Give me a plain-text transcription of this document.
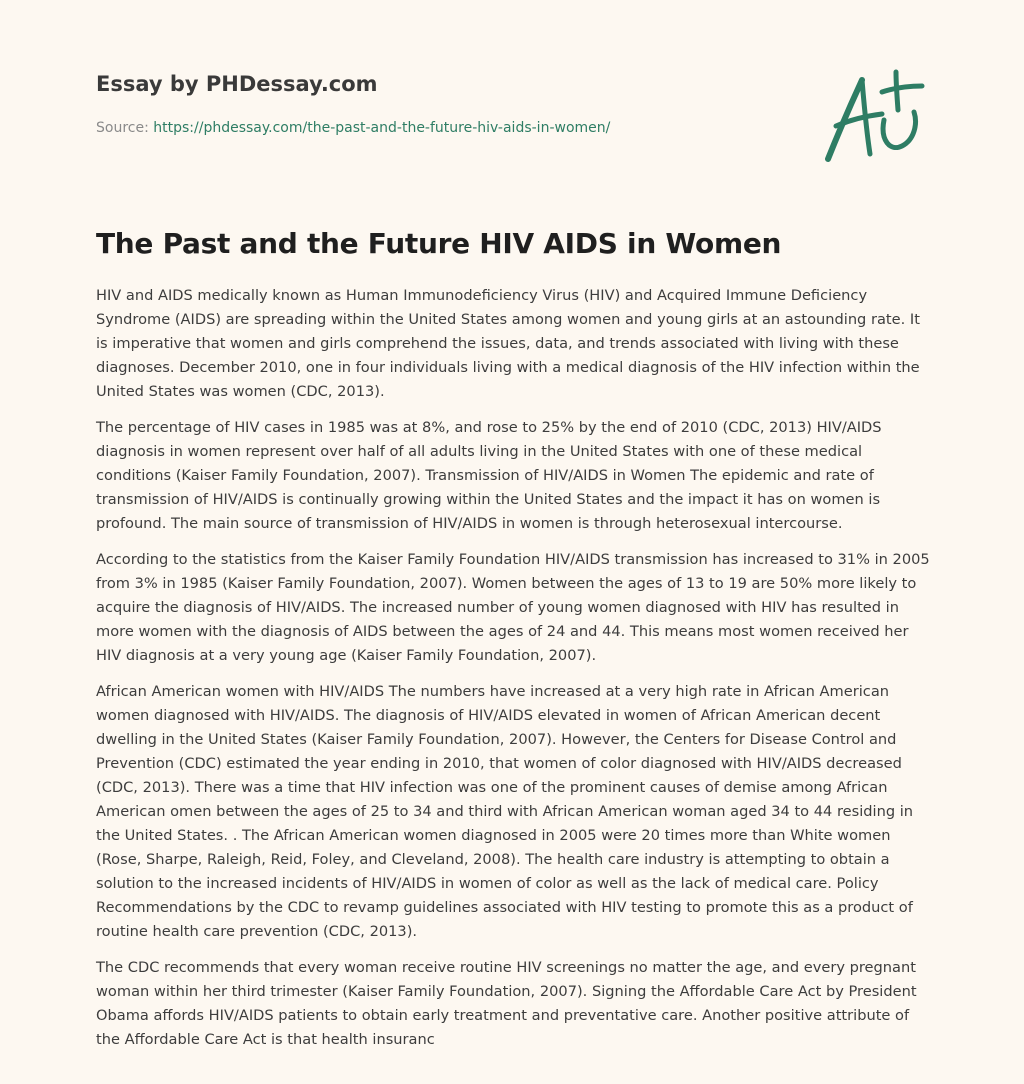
Essay by PHDessay.com
Source: https://phdessay.com/the-past-and-the-future-hiv-aids-in-women/
The Past and the Future HIV AIDS in Women

HIV and AIDS medically known as Human Immunodeficiency Virus (HIV) and Acquired Immune Deficiency Syndrome (AIDS) are spreading within the United States among women and young girls at an astounding rate. It is imperative that women and girls comprehend the issues, data, and trends associated with living with these diagnoses. December 2010, one in four individuals living with a medical diagnosis of the HIV infection within the United States was women (CDC, 2013).

The percentage of HIV cases in 1985 was at 8%, and rose to 25% by the end of 2010 (CDC, 2013) HIV/AIDS diagnosis in women represent over half of all adults living in the United States with one of these medical conditions (Kaiser Family Foundation, 2007). Transmission of HIV/AIDS in Women The epidemic and rate of transmission of HIV/AIDS is continually growing within the United States and the impact it has on women is profound. The main source of transmission of HIV/AIDS in women is through heterosexual intercourse.

According to the statistics from the Kaiser Family Foundation HIV/AIDS transmission has increased to 31% in 2005 from 3% in 1985 (Kaiser Family Foundation, 2007). Women between the ages of 13 to 19 are 50% more likely to acquire the diagnosis of HIV/AIDS. The increased number of young women diagnosed with HIV has resulted in more women with the diagnosis of AIDS between the ages of 24 and 44. This means most women received her HIV diagnosis at a very young age (Kaiser Family Foundation, 2007).

African American women with HIV/AIDS The numbers have increased at a very high rate in African American women diagnosed with HIV/AIDS. The diagnosis of HIV/AIDS elevated in women of African American decent dwelling in the United States (Kaiser Family Foundation, 2007). However, the Centers for Disease Control and Prevention (CDC) estimated the year ending in 2010, that women of color diagnosed with HIV/AIDS decreased (CDC, 2013). There was a time that HIV infection was one of the prominent causes of demise among African American omen between the ages of 25 to 34 and third with African American woman aged 34 to 44 residing in the United States. . The African American women diagnosed in 2005 were 20 times more than White women (Rose, Sharpe, Raleigh, Reid, Foley, and Cleveland, 2008). The health care industry is attempting to obtain a solution to the increased incidents of HIV/AIDS in women of color as well as the lack of medical care. Policy Recommendations by the CDC to revamp guidelines associated with HIV testing to promote this as a product of routine health care prevention (CDC, 2013).

The CDC recommends that every woman receive routine HIV screenings no matter the age, and every pregnant woman within her third trimester (Kaiser Family Foundation, 2007). Signing the Affordable Care Act by President Obama affords HIV/AIDS patients to obtain early treatment and preventative care. Another positive attribute of the Affordable Care Act is that health insuranc
